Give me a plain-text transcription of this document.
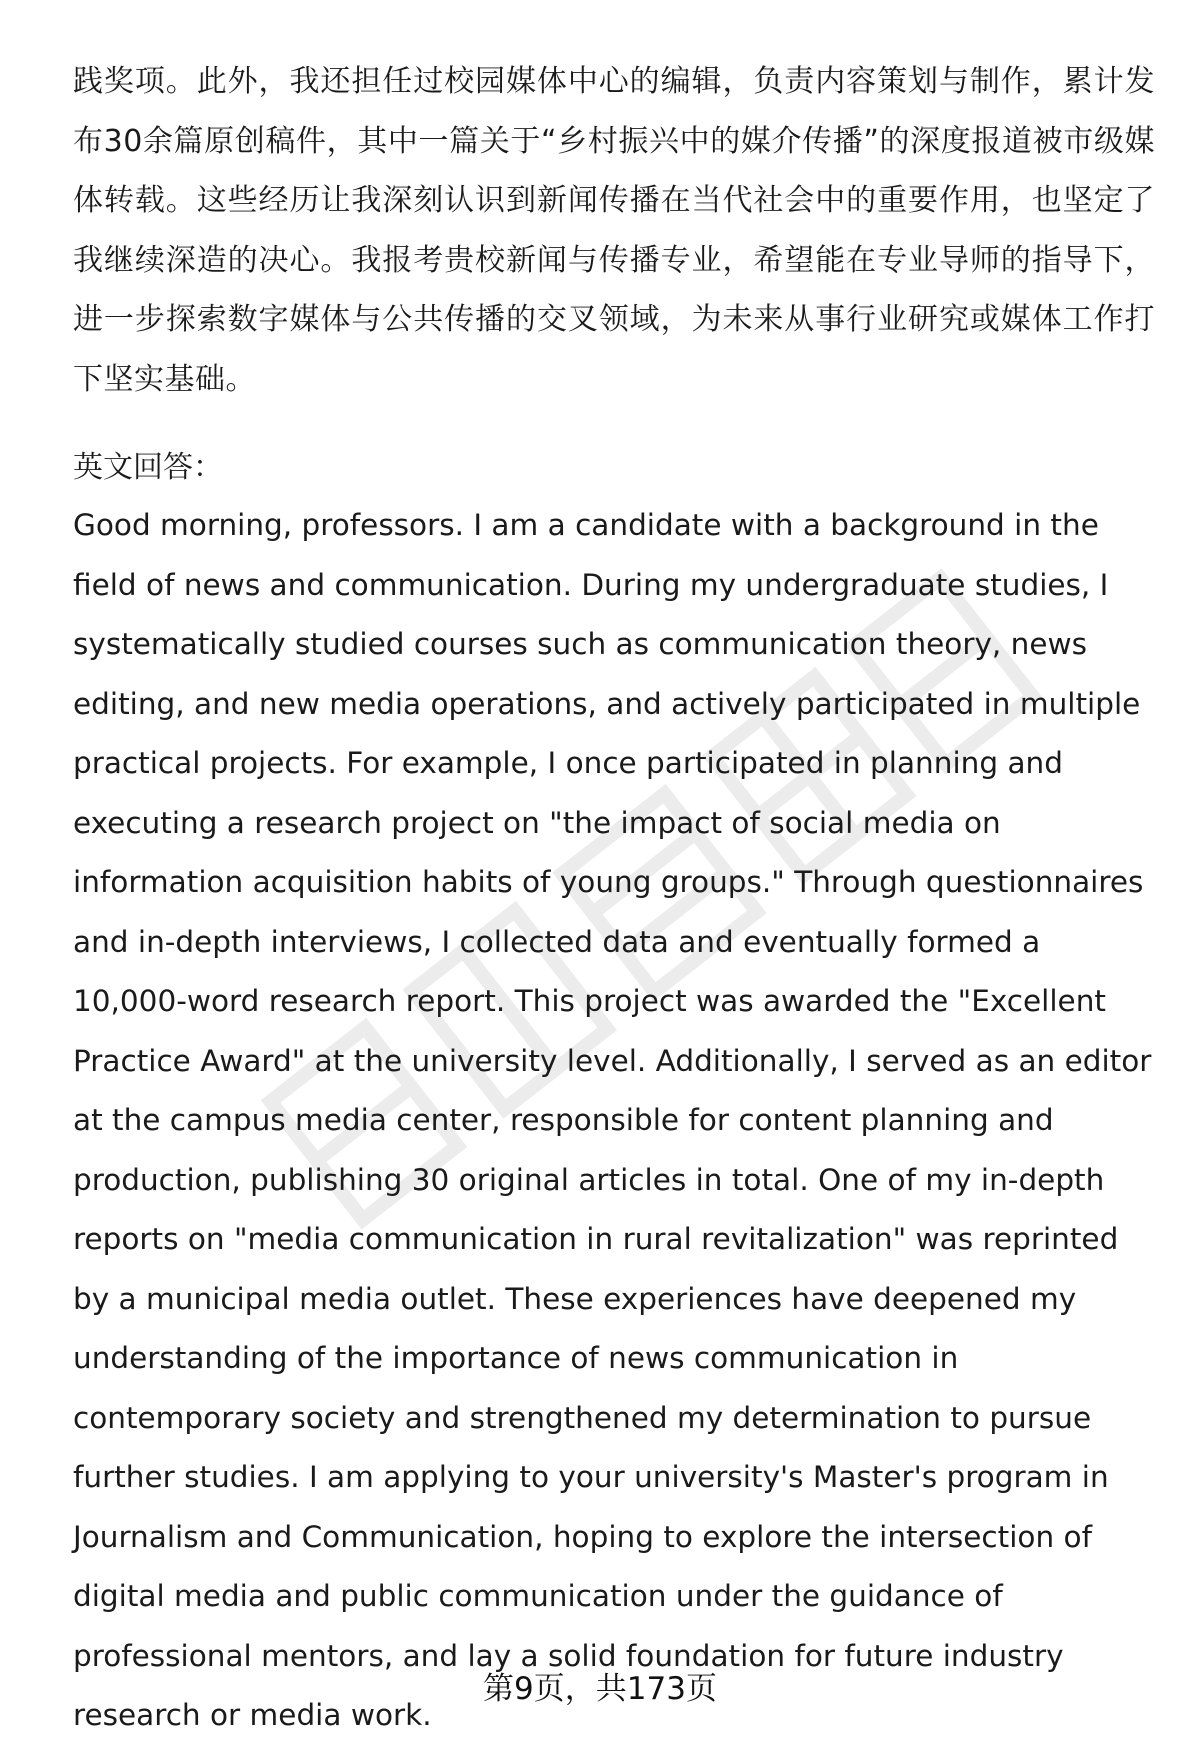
践奖项。此外，我还担任过校园媒体中心的编辑，负责内容策划与制作，累计发布30余篇原创稿件，其中一篇关于“乡村振兴中的媒介传播”的深度报道被市级媒体转载。这些经历让我深刻认识到新闻传播在当代社会中的重要作用，也坚定了我继续深造的决心。我报考贵校新闻与传播专业，希望能在专业导师的指导下，进一步探索数字媒体与公共传播的交叉领域，为未来从事行业研究或媒体工作打下坚实基础。

英文回答：

Good morning, professors. I am a candidate with a background in the field of news and communication. During my undergraduate studies, I systematically studied courses such as communication theory, news editing, and new media operations, and actively participated in multiple practical projects. For example, I once participated in planning and executing a research project on "the impact of social media on information acquisition habits of young groups." Through questionnaires and in-depth interviews, I collected data and eventually formed a 10,000-word research report. This project was awarded the "Excellent Practice Award" at the university level. Additionally, I served as an editor at the campus media center, responsible for content planning and production, publishing 30 original articles in total. One of my in-depth reports on "media communication in rural revitalization" was reprinted by a municipal media outlet. These experiences have deepened my understanding of the importance of news communication in contemporary society and strengthened my determination to pursue further studies. I am applying to your university's Master's program in Journalism and Communication, hoping to explore the intersection of digital media and public communication under the guidance of professional mentors, and lay a solid foundation for future industry research or media work.

第9页，共173页
